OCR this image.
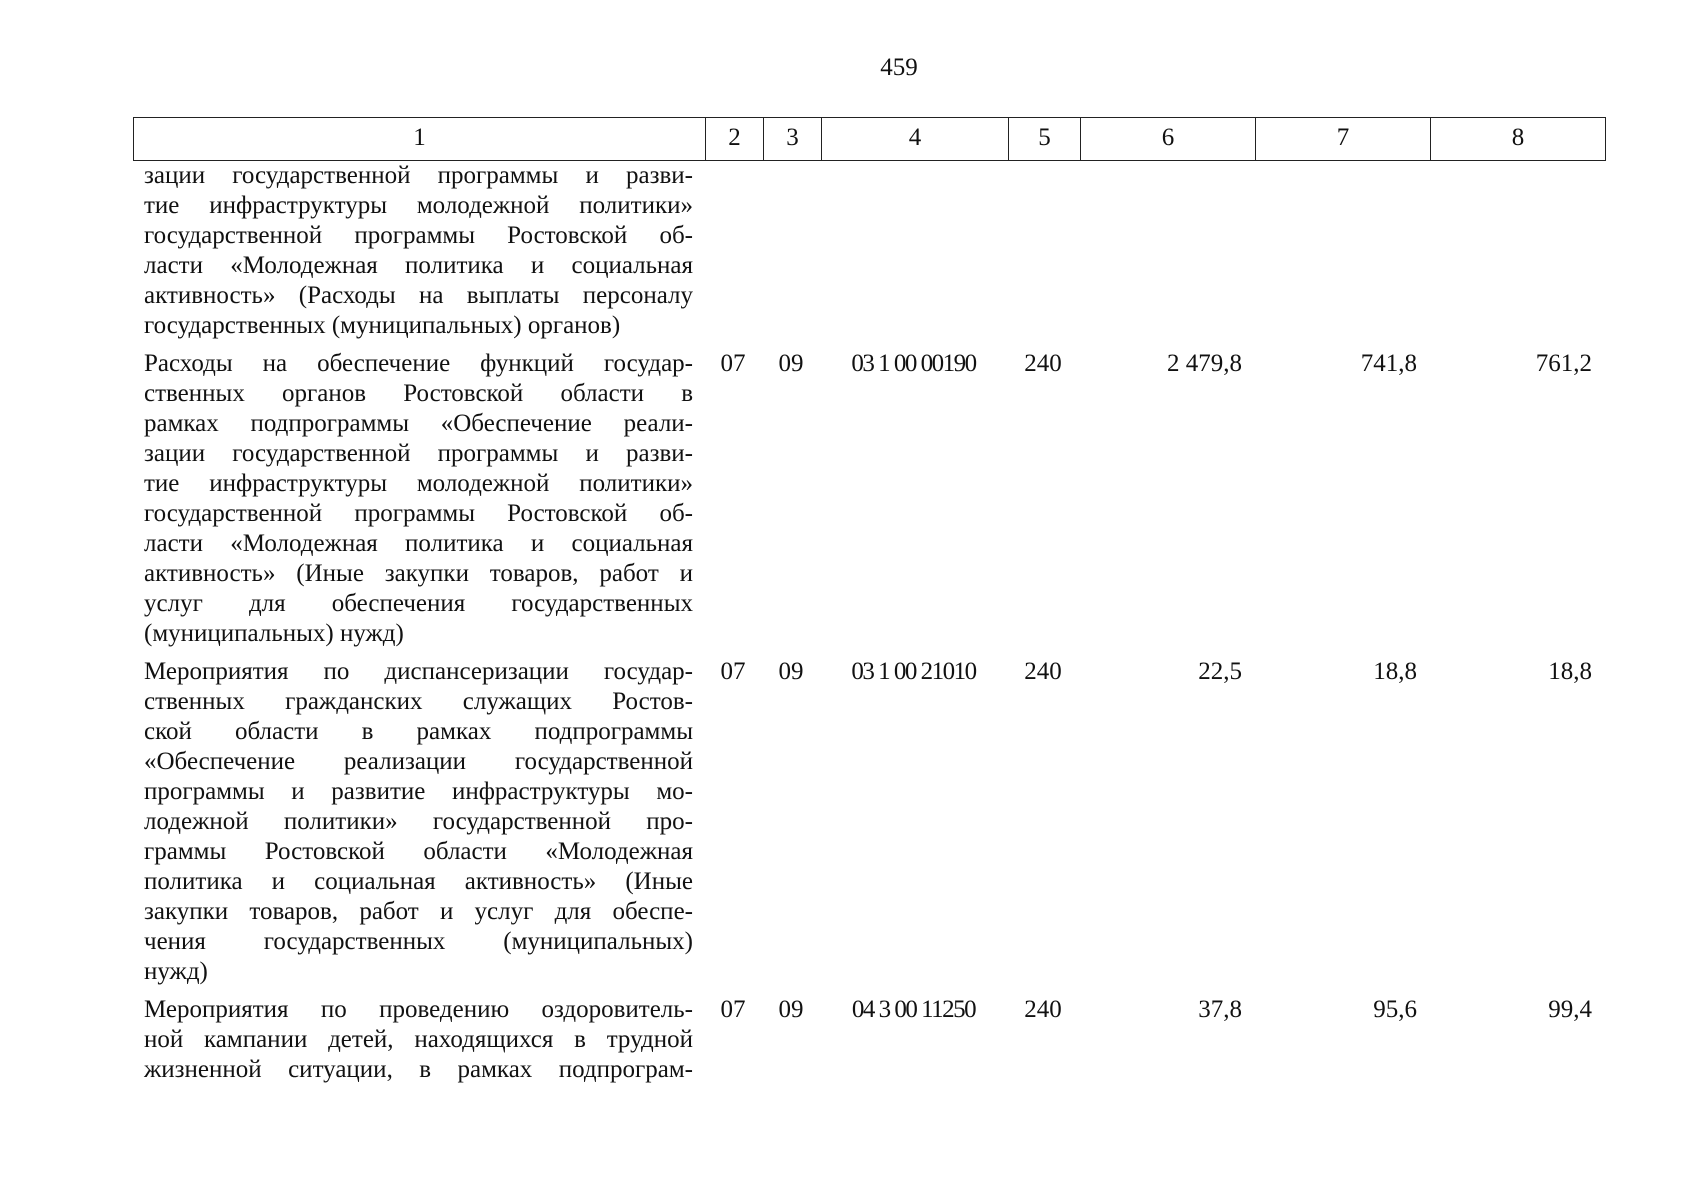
459
1	2	3	4	5	6	7	8
зации государственной программы и разви-
тие инфраструктуры молодежной политики»
государственной программы Ростовской об-
ласти «Молодежная политика и социальная
активность» (Расходы на выплаты персоналу
государственных (муниципальных) органов)
Расходы на обеспечение функций государ-
ственных органов Ростовской области в
рамках подпрограммы «Обеспечение реали-
зации государственной программы и разви-
тие инфраструктуры молодежной политики»
государственной программы Ростовской об-
ласти «Молодежная политика и социальная
активность» (Иные закупки товаров, работ и
услуг для обеспечения государственных
(муниципальных) нужд)
07	09	03 1 00 00190	240	2 479,8	741,8	761,2
Мероприятия по диспансеризации государ-
ственных гражданских служащих Ростов-
ской области в рамках подпрограммы
«Обеспечение реализации государственной
программы и развитие инфраструктуры мо-
лодежной политики» государственной про-
граммы Ростовской области «Молодежная
политика и социальная активность» (Иные
закупки товаров, работ и услуг для обеспе-
чения государственных (муниципальных)
нужд)
07	09	03 1 00 21010	240	22,5	18,8	18,8
Мероприятия по проведению оздоровитель-
ной кампании детей, находящихся в трудной
жизненной ситуации, в рамках подпрограм-
07	09	04 3 00 11250	240	37,8	95,6	99,4
